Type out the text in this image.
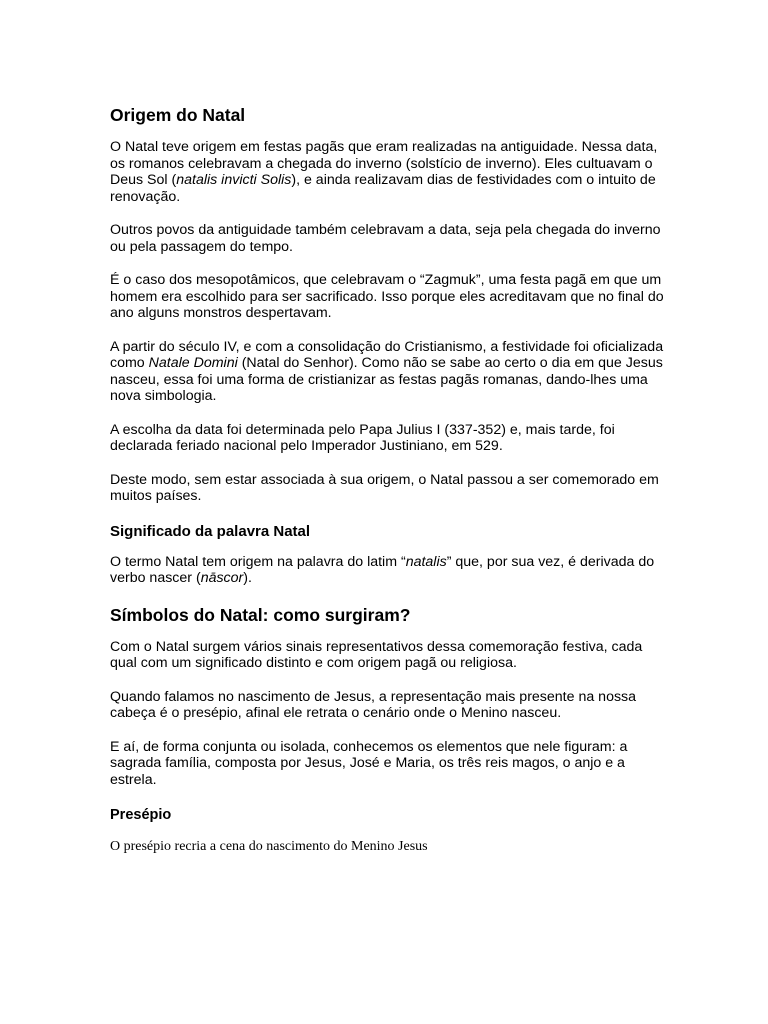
Origem do Natal

O Natal teve origem em festas pagãs que eram realizadas na antiguidade. Nessa data, os romanos celebravam a chegada do inverno (solstício de inverno). Eles cultuavam o Deus Sol (natalis invicti Solis), e ainda realizavam dias de festividades com o intuito de renovação.

Outros povos da antiguidade também celebravam a data, seja pela chegada do inverno ou pela passagem do tempo.

É o caso dos mesopotâmicos, que celebravam o “Zagmuk”, uma festa pagã em que um homem era escolhido para ser sacrificado. Isso porque eles acreditavam que no final do ano alguns monstros despertavam.

A partir do século IV, e com a consolidação do Cristianismo, a festividade foi oficializada como Natale Domini (Natal do Senhor). Como não se sabe ao certo o dia em que Jesus nasceu, essa foi uma forma de cristianizar as festas pagãs romanas, dando-lhes uma nova simbologia.

A escolha da data foi determinada pelo Papa Julius I (337-352) e, mais tarde, foi declarada feriado nacional pelo Imperador Justiniano, em 529.

Deste modo, sem estar associada à sua origem, o Natal passou a ser comemorado em muitos países.

Significado da palavra Natal

O termo Natal tem origem na palavra do latim “natalis” que, por sua vez, é derivada do verbo nascer (nāscor).

Símbolos do Natal: como surgiram?

Com o Natal surgem vários sinais representativos dessa comemoração festiva, cada qual com um significado distinto e com origem pagã ou religiosa.

Quando falamos no nascimento de Jesus, a representação mais presente na nossa cabeça é o presépio, afinal ele retrata o cenário onde o Menino nasceu.

E aí, de forma conjunta ou isolada, conhecemos os elementos que nele figuram: a sagrada família, composta por Jesus, José e Maria, os três reis magos, o anjo e a estrela.

Presépio

O presépio recria a cena do nascimento do Menino Jesus
